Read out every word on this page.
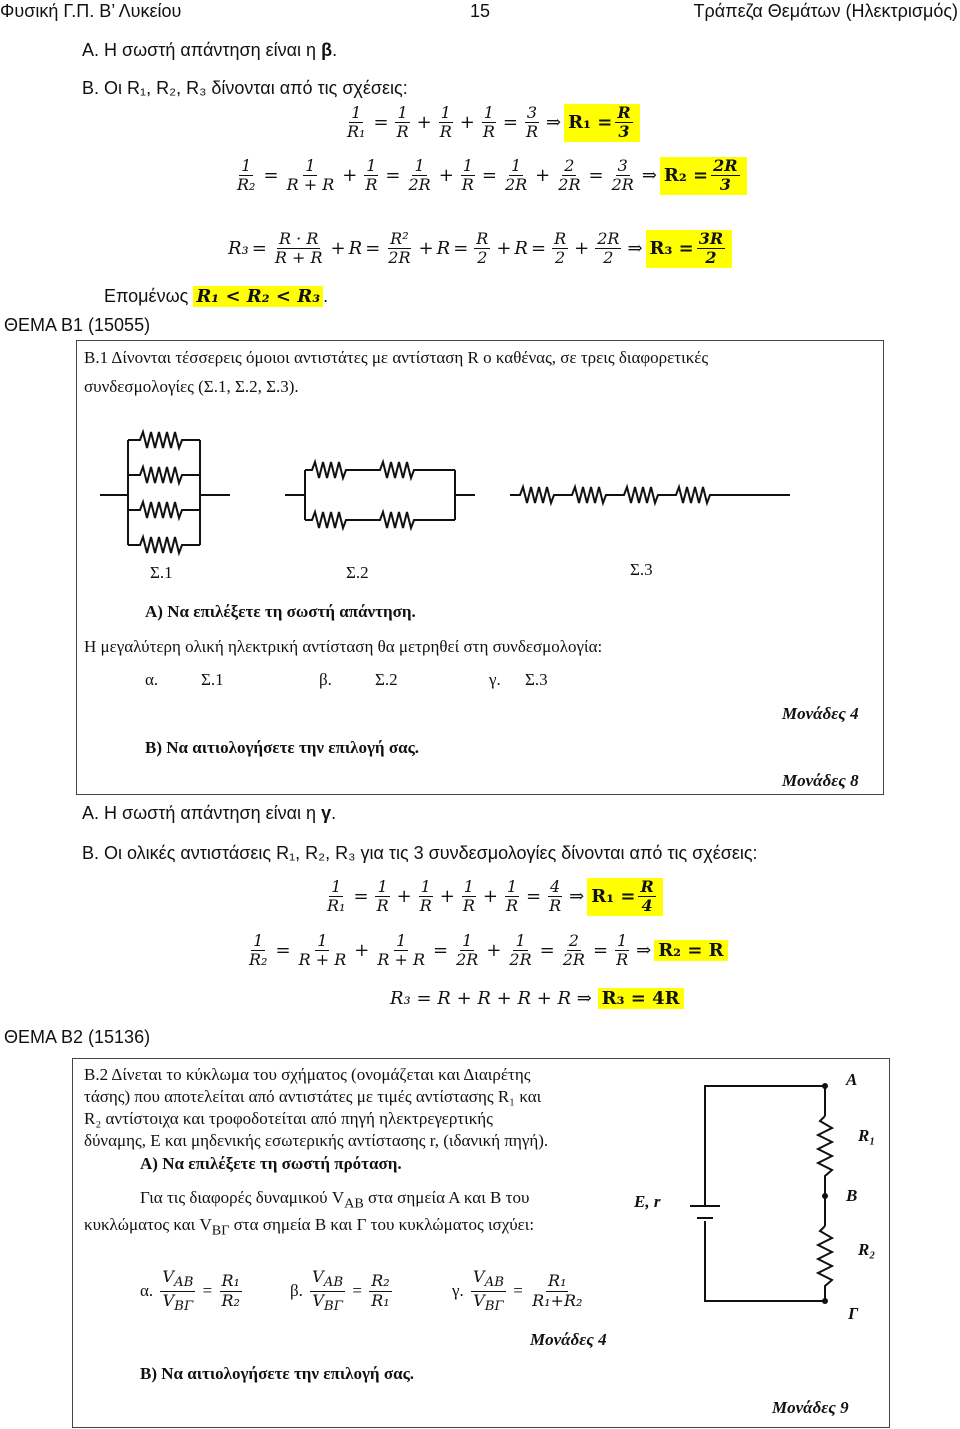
Φυσική Γ.Π. Β’ Λυκείου	15	Τράπεζα Θεμάτων (Ηλεκτρισμός)
Α. Η σωστή απάντηση είναι η β.
Β. Οι R₁, R₂, R₃ δίνονται από τις σχέσεις:
$\frac{1}{\text{R₁}} = \frac{1}{R} + \frac{1}{R} + \frac{1}{R} = \frac{3}{R}$ ⇒ $R_1 = \frac{R}{3}$
$\frac{1}{\text{R₂}} = \frac{1}{R + R} + \frac{1}{R} = \frac{1}{2R} + \frac{1}{R} = \frac{1}{2R} + \frac{2}{2R} = \frac{3}{2R}$ ⇒ $R_2 = \frac{2R}{3}$
$R_3 = \frac{R \cdot R}{R + R} + R = \frac{\text{R²}}{2R} + R = \frac{R}{2} + R = \frac{R}{2} + \frac{2R}{2}$ ⇒ $R_3 = \frac{3R}{2}$
Επομένως R₁ < R₂ < R₃ .
ΘΕΜΑ Β1 (15055)
Β.1 Δίνονται τέσσερεις όμοιοι αντιστάτες με αντίσταση R ο καθένας, σε τρεις διαφορετικές
συνδεσμολογίες (Σ.1, Σ.2, Σ.3).
Σ.1	Σ.2	Σ.3
Α) Να επιλέξετε τη σωστή απάντηση.
Η μεγαλύτερη ολική ηλεκτρική αντίσταση θα μετρηθεί στη συνδεσμολογία:
α.	Σ.1	β.	Σ.2	γ.	Σ.3
Μονάδες 4
Β) Να αιτιολογήσετε την επιλογή σας.
Μονάδες 8
Α. Η σωστή απάντηση είναι η γ.
Β. Οι ολικές αντιστάσεις R₁, R₂, R₃ για τις 3 συνδεσμολογίες δίνονται από τις σχέσεις:
$\frac{1}{\text{R₁}} = \frac{1}{R} + \frac{1}{R} + \frac{1}{R} + \frac{1}{R} = \frac{4}{R}$ ⇒ $R_1 = \frac{R}{4}$
$\frac{1}{\text{R₂}} = \frac{1}{R + R} + \frac{1}{R + R} = \frac{1}{2R} + \frac{1}{2R} = \frac{2}{2R} = \frac{1}{R}$ ⇒ R₂ = R
R₃ = R + R + R + R ⇒
R₃ = 4R
ΘΕΜΑ Β2 (15136)
Β.2 Δίνεται το κύκλωμα του σχήματος (ονομάζεται και Διαιρέτης
τάσης) που αποτελείται από αντιστάτες με τιμές αντίστασης R₁ και
R₂ αντίστοιχα και τροφοδοτείται από πηγή ηλεκτρεγερτικής
δύναμης, E και μηδενικής εσωτερικής αντίστασης r, (ιδανική πηγή).
Α) Να επιλέξετε τη σωστή πρόταση.
Για τις διαφορές δυναμικού $V_{AB}$ στα σημεία Α και Β του
κυκλώματος και $V_{B\Gamma}$ στα σημεία Β και Γ του κυκλώματος ισχύει:
α.
$\frac{V_{AB}}{V_{B\Gamma}} = \frac{\text{R₁}}{\text{R₂}}$	β.
$\frac{V_{AB}}{V_{B\Gamma}} = \frac{\text{R₂}}{\text{R₁}}$	γ.
$\frac{V_{AB}}{V_{B\Gamma}} = \frac{\text{R₁}}{\text{R₁+R₂}}$
Μονάδες 4
Β) Να αιτιολογήσετε την επιλογή σας.
Μονάδες 9
A
R₁
B
R₂
Γ
E, r
